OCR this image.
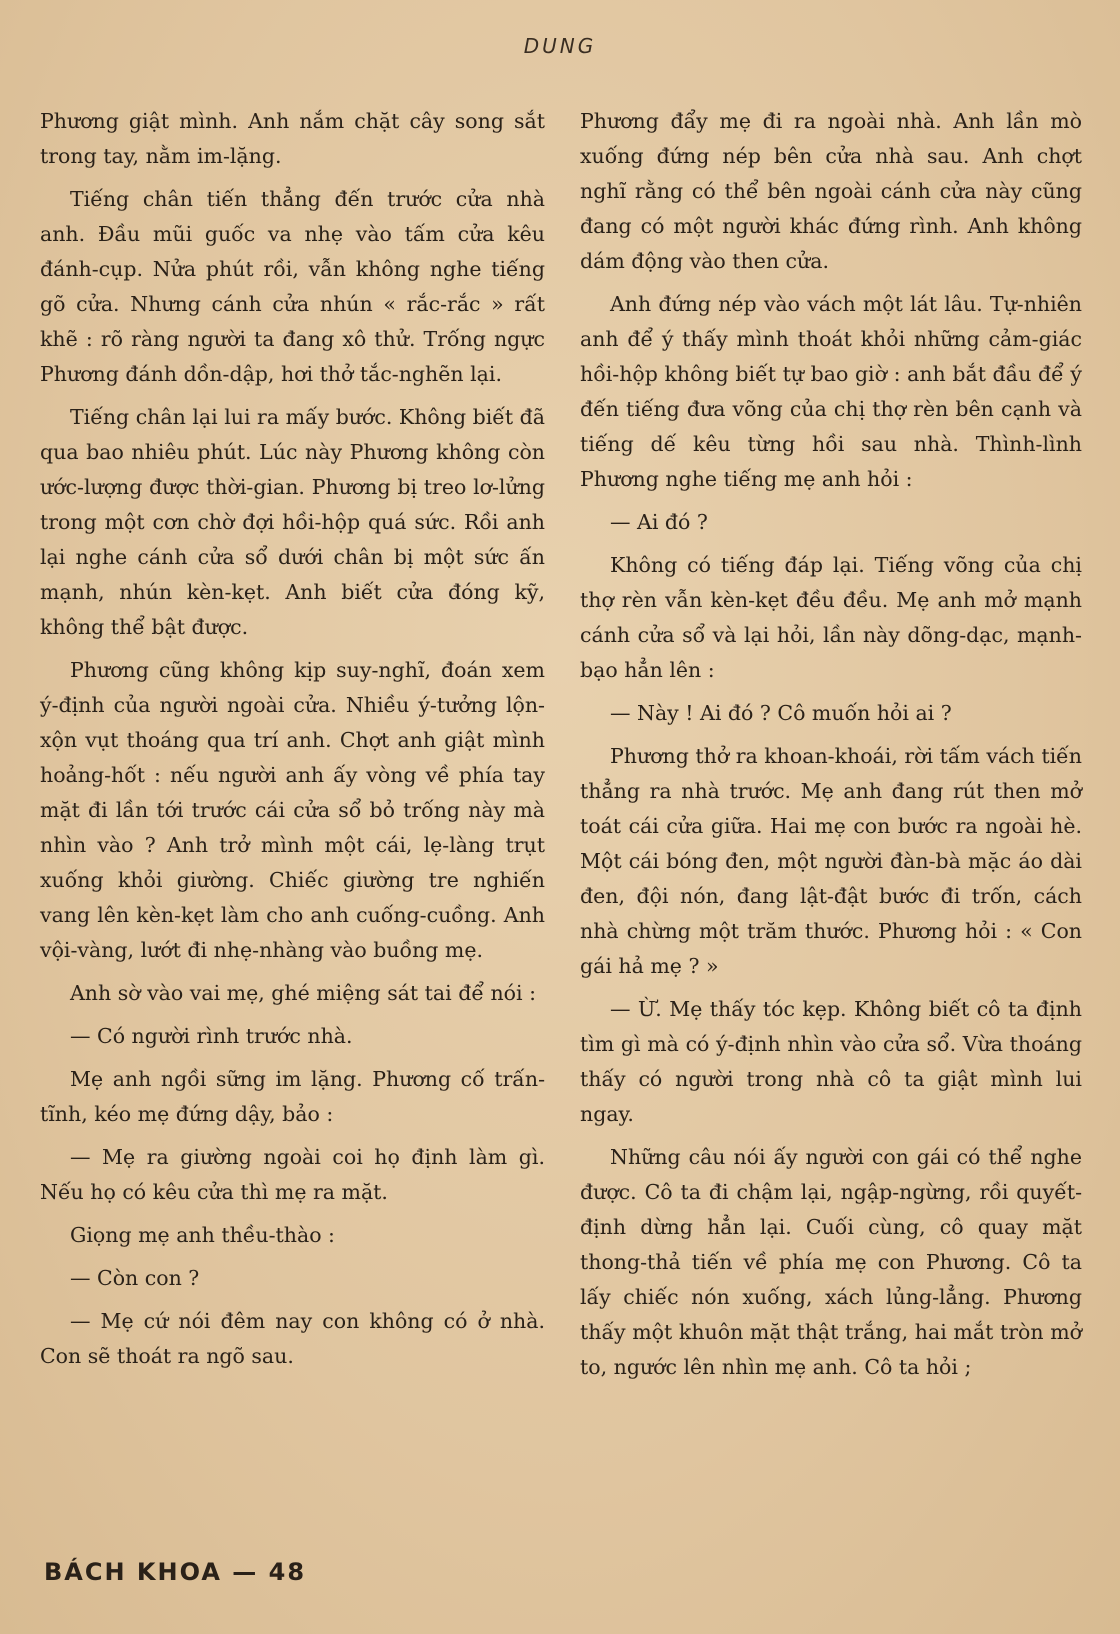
DUNG

Phương giật mình. Anh nắm chặt cây song sắt trong tay, nằm im-lặng.

Tiếng chân tiến thẳng đến trước cửa nhà anh. Đầu mũi guốc va nhẹ vào tấm cửa kêu đánh-cụp. Nửa phút rồi, vẫn không nghe tiếng gõ cửa. Nhưng cánh cửa nhún « rắc-rắc » rất khẽ : rõ ràng người ta đang xô thử. Trống ngực Phương đánh dồn-dập, hơi thở tắc-nghẽn lại.

Tiếng chân lại lui ra mấy bước. Không biết đã qua bao nhiêu phút. Lúc này Phương không còn ước-lượng được thời-gian. Phương bị treo lơ-lửng trong một cơn chờ đợi hồi-hộp quá sức. Rồi anh lại nghe cánh cửa sổ dưới chân bị một sức ấn mạnh, nhún kèn-kẹt. Anh biết cửa đóng kỹ, không thể bật được.

Phương cũng không kịp suy-nghĩ, đoán xem ý-định của người ngoài cửa. Nhiều ý-tưởng lộn-xộn vụt thoáng qua trí anh. Chợt anh giật mình hoảng-hốt : nếu người anh ấy vòng về phía tay mặt đi lần tới trước cái cửa sổ bỏ trống này mà nhìn vào ? Anh trở mình một cái, lẹ-làng trụt xuống khỏi giường. Chiếc giường tre nghiến vang lên kèn-kẹt làm cho anh cuống-cuồng. Anh vội-vàng, lướt đi nhẹ-nhàng vào buồng mẹ.

Anh sờ vào vai mẹ, ghé miệng sát tai để nói :

— Có người rình trước nhà.

Mẹ anh ngồi sững im lặng. Phương cố trấn-tĩnh, kéo mẹ đứng dậy, bảo :

— Mẹ ra giường ngoài coi họ định làm gì. Nếu họ có kêu cửa thì mẹ ra mặt.

Giọng mẹ anh thều-thào :

— Còn con ?

— Mẹ cứ nói đêm nay con không có ở nhà. Con sẽ thoát ra ngõ sau.

Phương đẩy mẹ đi ra ngoài nhà. Anh lần mò xuống đứng nép bên cửa nhà sau. Anh chợt nghĩ rằng có thể bên ngoài cánh cửa này cũng đang có một người khác đứng rình. Anh không dám động vào then cửa.

Anh đứng nép vào vách một lát lâu. Tự-nhiên anh để ý thấy mình thoát khỏi những cảm-giác hồi-hộp không biết tự bao giờ : anh bắt đầu để ý đến tiếng đưa võng của chị thợ rèn bên cạnh và tiếng dế kêu từng hồi sau nhà. Thình-lình Phương nghe tiếng mẹ anh hỏi :

— Ai đó ?

Không có tiếng đáp lại. Tiếng võng của chị thợ rèn vẫn kèn-kẹt đều đều. Mẹ anh mở mạnh cánh cửa sổ và lại hỏi, lần này dõng-dạc, mạnh-bạo hẳn lên :

— Này ! Ai đó ? Cô muốn hỏi ai ?

Phương thở ra khoan-khoái, rời tấm vách tiến thẳng ra nhà trước. Mẹ anh đang rút then mở toát cái cửa giữa. Hai mẹ con bước ra ngoài hè. Một cái bóng đen, một người đàn-bà mặc áo dài đen, đội nón, đang lật-đật bước đi trốn, cách nhà chừng một trăm thước. Phương hỏi : « Con gái hả mẹ ? »

— Ừ. Mẹ thấy tóc kẹp. Không biết cô ta định tìm gì mà có ý-định nhìn vào cửa sổ. Vừa thoáng thấy có người trong nhà cô ta giật mình lui ngay.

Những câu nói ấy người con gái có thể nghe được. Cô ta đi chậm lại, ngập-ngừng, rồi quyết-định dừng hẳn lại. Cuối cùng, cô quay mặt thong-thả tiến về phía mẹ con Phương. Cô ta lấy chiếc nón xuống, xách lủng-lẳng. Phương thấy một khuôn mặt thật trắng, hai mắt tròn mở to, ngước lên nhìn mẹ anh. Cô ta hỏi ;

BÁCH KHOA — 48
